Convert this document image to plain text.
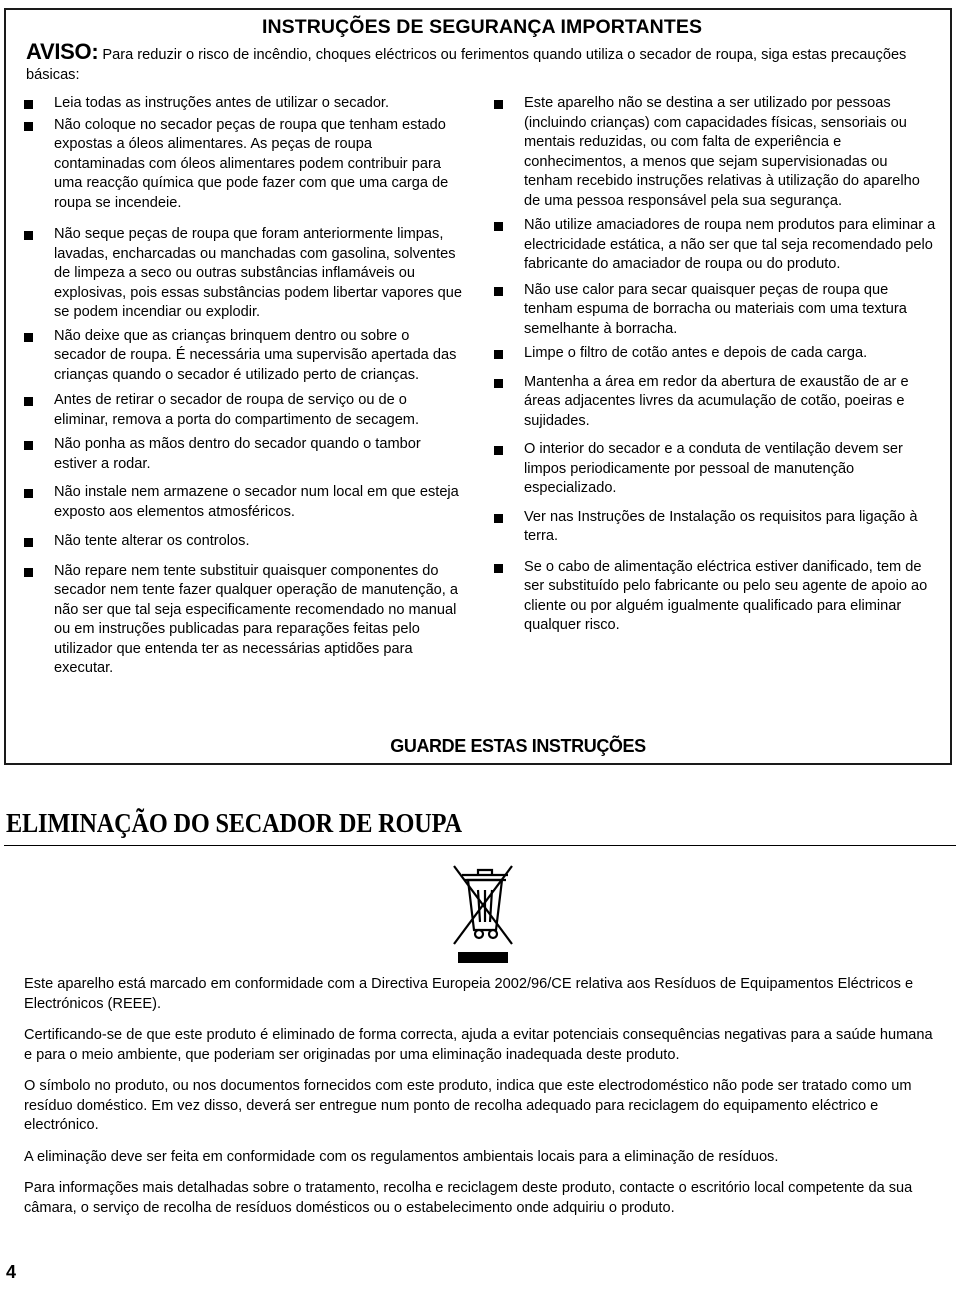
INSTRUÇÕES DE SEGURANÇA IMPORTANTES
AVISO: Para reduzir o risco de incêndio, choques eléctricos ou ferimentos quando utiliza o secador de roupa, siga estas precauções básicas:
Leia todas as instruções antes de utilizar o secador.
Não coloque no secador peças de roupa que tenham estado expostas a óleos alimentares. As peças de roupa contaminadas com óleos alimentares podem contribuir para uma reacção química que pode fazer com que uma carga de roupa se incendeie.
Não seque peças de roupa que foram anteriormente limpas, lavadas, encharcadas ou manchadas com gasolina, solventes de limpeza a seco ou outras substâncias inflamáveis ou explosivas, pois essas substâncias podem libertar vapores que se podem incendiar ou explodir.
Não deixe que as crianças brinquem dentro ou sobre o secador de roupa. É necessária uma supervisão apertada das crianças quando o secador é utilizado perto de crianças.
Antes de retirar o secador de roupa de serviço ou de o eliminar, remova a porta do compartimento de secagem.
Não ponha as mãos dentro do secador quando o tambor estiver a rodar.
Não instale nem armazene o secador num local em que esteja exposto aos elementos atmosféricos.
Não tente alterar os controlos.
Não repare nem tente substituir quaisquer componentes do secador nem tente fazer qualquer operação de manutenção, a não ser que tal seja especificamente recomendado no manual ou em instruções publicadas para reparações feitas pelo utilizador que entenda ter as necessárias aptidões para executar.
Este aparelho não se destina a ser utilizado por pessoas (incluindo crianças) com capacidades físicas, sensoriais ou mentais reduzidas, ou com falta de experiência e conhecimentos, a menos que sejam supervisionadas ou tenham recebido instruções relativas à utilização do aparelho de uma pessoa responsável pela sua segurança.
Não utilize amaciadores de roupa nem produtos para eliminar a electricidade estática, a não ser que tal seja recomendado pelo fabricante do amaciador de roupa ou do produto.
Não use calor para secar quaisquer peças de roupa que tenham espuma de borracha ou materiais com uma textura semelhante à borracha.
Limpe o filtro de cotão antes e depois de cada carga.
Mantenha a área em redor da abertura de exaustão de ar e áreas adjacentes livres da acumulação de cotão, poeiras e sujidades.
O interior do secador e a conduta de ventilação devem ser limpos periodicamente por pessoal de manutenção especializado.
Ver nas Instruções de Instalação os requisitos para ligação à terra.
Se o cabo de alimentação eléctrica estiver danificado, tem de ser substituído pelo fabricante ou pelo seu agente de apoio ao cliente ou por alguém igualmente qualificado para eliminar qualquer risco.
GUARDE ESTAS INSTRUÇÕES
ELIMINAÇÃO DO SECADOR DE ROUPA

Este aparelho está marcado em conformidade com a Directiva Europeia 2002/96/CE relativa aos Resíduos de Equipamentos Eléctricos e Electrónicos (REEE).

Certificando-se de que este produto é eliminado de forma correcta, ajuda a evitar potenciais consequências negativas para a saúde humana e para o meio ambiente, que poderiam ser originadas por uma eliminação inadequada deste produto.

O símbolo no produto, ou nos documentos fornecidos com este produto, indica que este electrodoméstico não pode ser tratado como um resíduo doméstico. Em vez disso, deverá ser entregue num ponto de recolha adequado para reciclagem do equipamento eléctrico e electrónico.

A eliminação deve ser feita em conformidade com os regulamentos ambientais locais para a eliminação de resíduos.

Para informações mais detalhadas sobre o tratamento, recolha e reciclagem deste produto, contacte o escritório local competente da sua câmara, o serviço de recolha de resíduos domésticos ou o estabelecimento onde adquiriu o produto.

4
